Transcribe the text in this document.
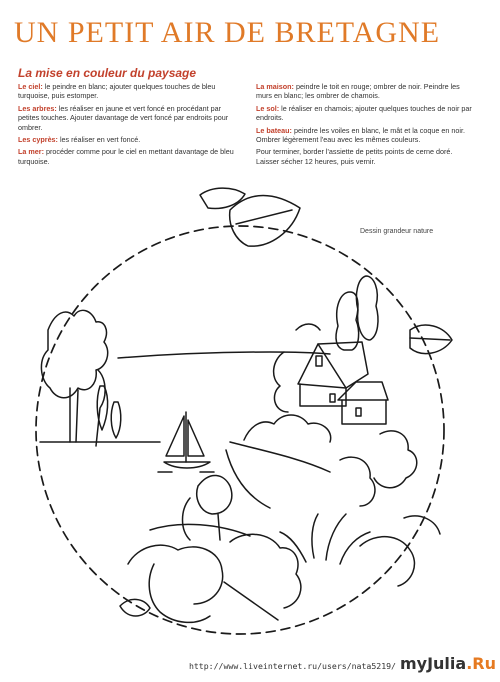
UN PETIT AIR DE BRETAGNE
La mise en couleur du paysage

Le ciel: le peindre en blanc; ajouter quelques touches de bleu
turquoise, puis estomper.

Les arbres: les réaliser en jaune et vert foncé en procédant par
petites touches. Ajouter davantage de vert foncé par endroits pour
ombrer.

Les cyprès: les réaliser en vert foncé.

La mer: procéder comme pour le ciel en mettant davantage de bleu
turquoise.

La maison: peindre le toit en rouge; ombrer de noir. Peindre les
murs en blanc; les ombrer de chamois.

Le sol: le réaliser en chamois; ajouter quelques touches de noir par
endroits.

Le bateau: peindre les voiles en blanc, le mât et la coque en noir.
Ombrer légèrement l'eau avec les mêmes couleurs.

Pour terminer, border l'assiette de petits points de cerne doré.
Laisser sécher 12 heures, puis vernir.

Dessin grandeur nature
http://www.liveinternet.ru/users/nata5219/ myJulia.Ru
